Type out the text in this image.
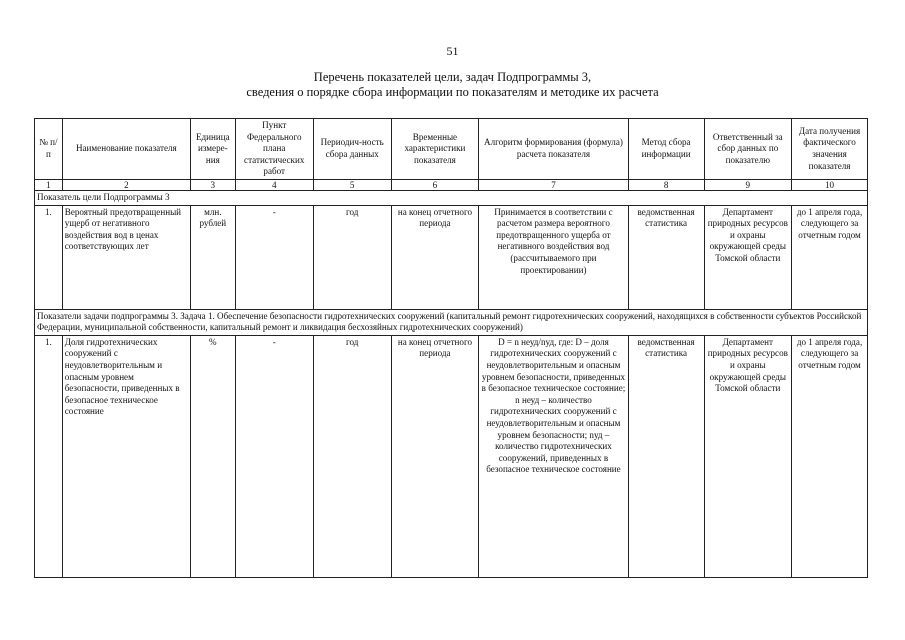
51
Перечень показателей цели, задач Подпрограммы 3,
сведения о порядке сбора информации по показателям и методике их расчета
№ п/п	Наименование показателя	Единица измере-ния	Пункт Федерального плана статистических работ	Периодич-ность сбора данных	Временные характеристики показателя	Алгоритм формирования (формула) расчета показателя	Метод сбора информации	Ответственный за сбор данных по показателю	Дата получения фактического значения показателя
1	2	3	4	5	6	7	8	9	10
Показатель цели Подпрограммы 3									
1.	Вероятный предотвращенный ущерб от негативного воздействия вод в ценах соответствующих лет	млн. рублей	-	год	на конец отчетного периода	Принимается в соответствии с расчетом размера вероятного предотвращенного ущерба от негативного воздействия вод (рассчитываемого при проектировании)	ведомственная статистика	Департамент природных ресурсов и охраны окружающей среды Томской области	до 1 апреля года, следующего за отчетным годом
Показатели задачи подпрограммы 3. Задача 1. Обеспечение безопасности гидротехнических сооружений (капитальный ремонт гидротехнических сооружений, находящихся в собственности субъектов Российской Федерации, муниципальной собственности, капитальный ремонт и ликвидация бесхозяйных гидротехнических сооружений)									
1.	Доля гидротехнических сооружений с неудовлетворительным и опасным уровнем безопасности, приведенных в безопасное техническое состояние	%	-	год	на конец отчетного периода	D = n неуд/nуд, где: D – доля гидротехнических сооружений с неудовлетворительным и опасным уровнем безопасности, приведенных в безопасное техническое состояние; n неуд – количество гидротехнических сооружений с неудовлетворительным и опасным уровнем безопасности; nуд – количество гидротехнических сооружений, приведенных в безопасное техническое состояние	ведомственная статистика	Департамент природных ресурсов и охраны окружающей среды Томской области	до 1 апреля года, следующего за отчетным годом
